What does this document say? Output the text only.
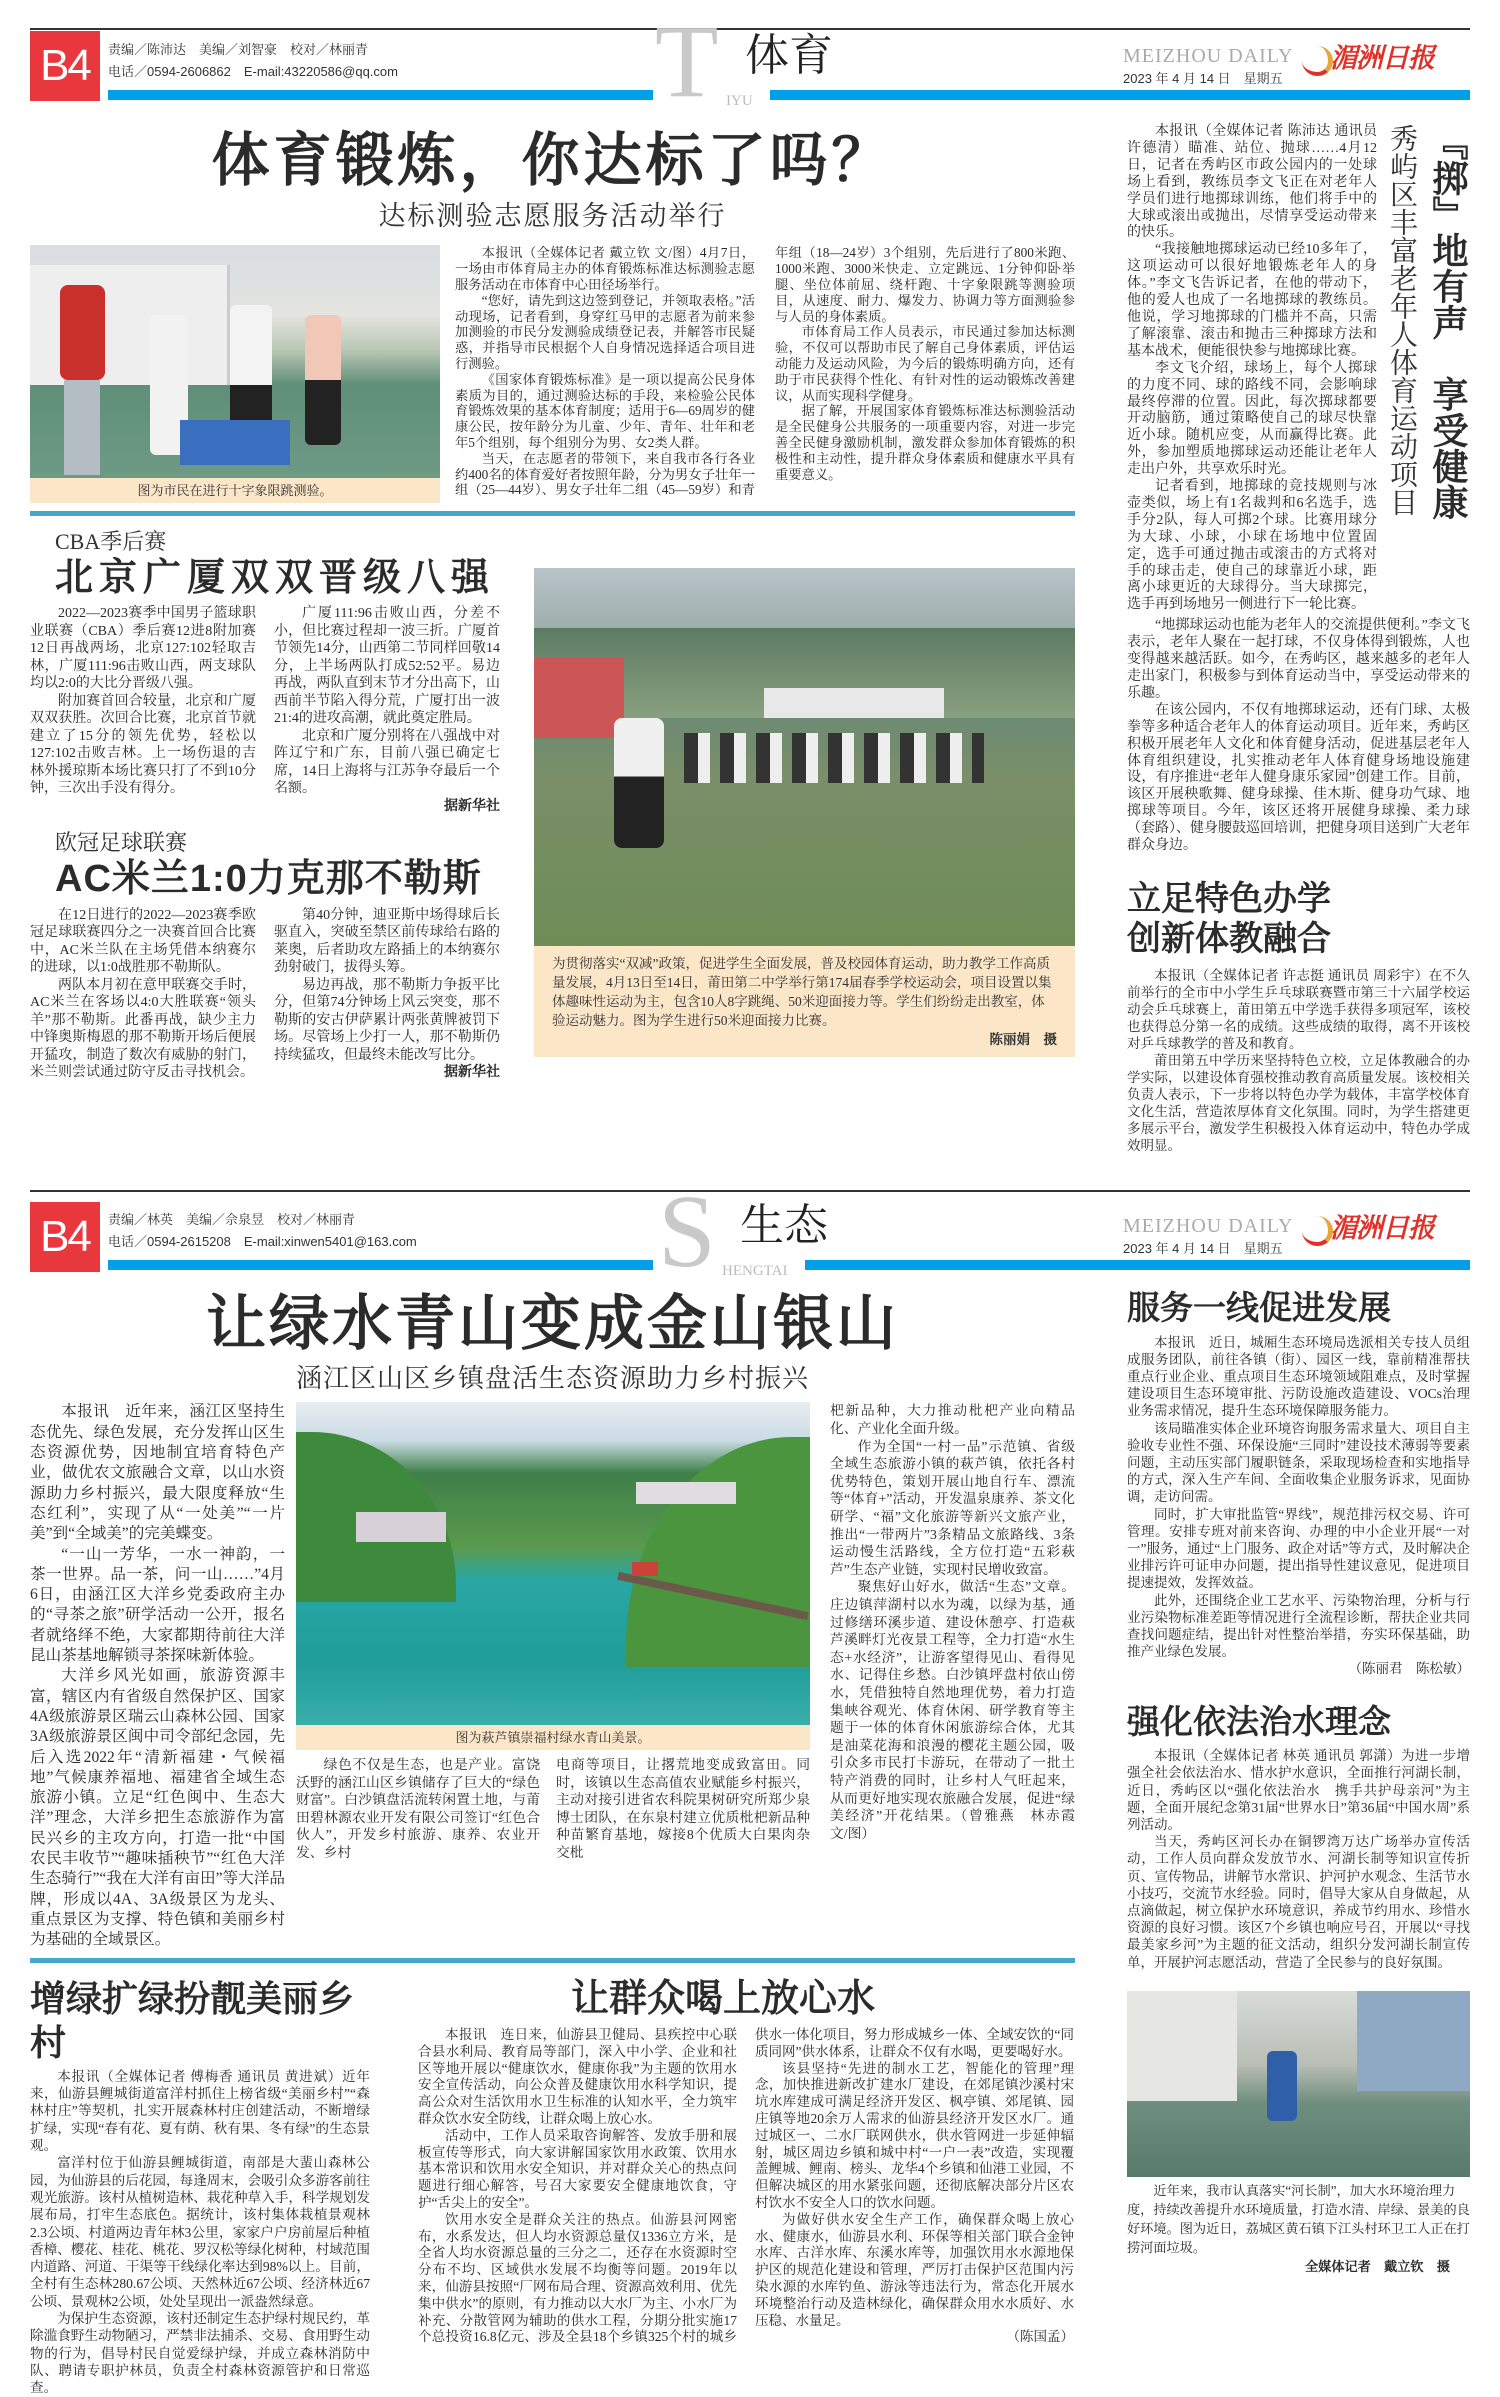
B4	责编／陈沛达　美编／刘智豪　校对／林丽青
电话／0594-2606862　E-mail:43220586@qq.com T IYU
体育	MEIZHOU DAILY
2023 年 4 月 14 日　星期五
湄洲日报
体育锻炼，你达标了吗？
达标测验志愿服务活动举行
图为市民在进行十字象限跳测验。

本报讯（全媒体记者 戴立钦 文/图）4月7日，一场由市体育局主办的体育锻炼标准达标测验志愿服务活动在市体育中心田径场举行。

“您好，请先到这边签到登记，并领取表格。”活动现场，记者看到，身穿红马甲的志愿者为前来参加测验的市民分发测验成绩登记表，并解答市民疑惑，并指导市民根据个人自身情况选择适合项目进行测验。

《国家体育锻炼标准》是一项以提高公民身体素质为目的，通过测验达标的手段，来检验公民体育锻炼效果的基本体育制度；适用于6—69周岁的健康公民，按年龄分为儿童、少年、青年、壮年和老年5个组别，每个组别分为男、女2类人群。

当天，在志愿者的带领下，来自我市各行各业约400名的体育爱好者按照年龄，分为男女子壮年一组（25—44岁）、男女子壮年二组（45—59岁）和青年组（18—24岁）3个组别，先后进行了800米跑、1000米跑、3000米快走、立定跳远、1分钟仰卧举腿、坐位体前屈、绕杆跑、十字象限跳等测验项目，从速度、耐力、爆发力、协调力等方面测验参与人员的身体素质。

市体育局工作人员表示，市民通过参加达标测验，不仅可以帮助市民了解自己身体素质，评估运动能力及运动风险，为今后的锻炼明确方向，还有助于市民获得个性化、有针对性的运动锻炼改善建议，从而实现科学健身。

据了解，开展国家体育锻炼标准达标测验活动是全民健身公共服务的一项重要内容，对进一步完善全民健身激励机制，激发群众参加体育锻炼的积极性和主动性，提升群众身体素质和健康水平具有重要意义。

CBA季后赛
北京广厦双双晋级八强

2022—2023赛季中国男子篮球职业联赛（CBA）季后赛12进8附加赛12日再战两场，北京127:102轻取吉林，广厦111:96击败山西，两支球队均以2:0的大比分晋级八强。

附加赛首回合较量，北京和广厦双双获胜。次回合比赛，北京首节就建立了15分的领先优势，轻松以127:102击败吉林。上一场伤退的吉林外援琼斯本场比赛只打了不到10分钟，三次出手没有得分。

广厦111:96击败山西，分差不小，但比赛过程却一波三折。广厦首节领先14分，山西第二节同样回敬14分，上半场两队打成52:52平。易边再战，两队直到末节才分出高下，山西前半节陷入得分荒，广厦打出一波21:4的进攻高潮，就此奠定胜局。

北京和广厦分别将在八强战中对阵辽宁和广东，目前八强已确定七席，14日上海将与江苏争夺最后一个名额。

据新华社

欧冠足球联赛
AC米兰1:0力克那不勒斯

在12日进行的2022—2023赛季欧冠足球联赛四分之一决赛首回合比赛中，AC米兰队在主场凭借本纳赛尔的进球，以1:0战胜那不勒斯队。

两队本月初在意甲联赛交手时，AC米兰在客场以4:0大胜联赛“领头羊”那不勒斯。此番再战，缺少主力中锋奥斯梅恩的那不勒斯开场后便展开猛攻，制造了数次有威胁的射门，米兰则尝试通过防守反击寻找机会。

第40分钟，迪亚斯中场得球后长驱直入，突破至禁区前传球给右路的莱奥，后者助攻左路插上的本纳赛尔劲射破门，拔得头筹。

易边再战，那不勒斯力争扳平比分，但第74分钟场上风云突变，那不勒斯的安古伊萨累计两张黄牌被罚下场。尽管场上少打一人，那不勒斯仍持续猛攻，但最终未能改写比分。

据新华社

为贯彻落实“双减”政策，促进学生全面发展，普及校园体育运动，助力教学工作高质量发展，4月13日至14日，莆田第二中学举行第174届春季学校运动会，项目设置以集体趣味性运动为主，包含10人8字跳绳、50米迎面接力等。学生们纷纷走出教室，体验运动魅力。图为学生进行50米迎面接力比赛。
陈丽娟　摄

本报讯（全媒体记者 陈沛达 通讯员 许德清）瞄准、站位、抛球……4月12日，记者在秀屿区市政公园内的一处球场上看到，教练员李文飞正在对老年人学员们进行地掷球训练，他们将手中的大球或滚出或抛出，尽情享受运动带来的快乐。

“我接触地掷球运动已经10多年了，这项运动可以很好地锻炼老年人的身体。”李文飞告诉记者，在他的带动下，他的爱人也成了一名地掷球的教练员。他说，学习地掷球的门槛并不高，只需了解滚靠、滚击和抛击三种掷球方法和基本战术，便能很快参与地掷球比赛。

李文飞介绍，球场上，每个人掷球的力度不同、球的路线不同，会影响球最终停滞的位置。因此，每次掷球都要开动脑筋，通过策略使自己的球尽快靠近小球。随机应变，从而赢得比赛。此外，参加塑质地掷球运动还能让老年人走出户外，共享欢乐时光。

记者看到，地掷球的竞技规则与冰壶类似，场上有1名裁判和6名选手，选手分2队，每人可掷2个球。比赛用球分为大球、小球，小球在场地中位置固定，选手可通过抛击或滚击的方式将对手的球击走，使自己的球靠近小球，距离小球更近的大球得分。当大球掷完，选手再到场地另一侧进行下一轮比赛。

秀屿区丰富老年人体育运动项目 『掷』地有声　享受健康

“地掷球运动也能为老年人的交流提供便利。”李文飞表示，老年人聚在一起打球，不仅身体得到锻炼，人也变得越来越活跃。如今，在秀屿区，越来越多的老年人走出家门，积极参与到体育运动当中，享受运动带来的乐趣。

在该公园内，不仅有地掷球运动，还有门球、太极拳等多种适合老年人的体育运动项目。近年来，秀屿区积极开展老年人文化和体育健身活动，促进基层老年人体育组织建设，扎实推动老年人体育健身场地设施建设，有序推进“老年人健身康乐家园”创建工作。目前，该区开展秧歌舞、健身球操、佳木斯、健身功气球、地掷球等项目。今年，该区还将开展健身球操、柔力球（套路）、健身腰鼓巡回培训，把健身项目送到广大老年群众身边。

立足特色办学
创新体教融合

本报讯（全媒体记者 许志挺 通讯员 周彩宇）在不久前举行的全市中小学生乒乓球联赛暨市第三十六届学校运动会乒乓球赛上，莆田第五中学选手获得多项冠军，该校也获得总分第一名的成绩。这些成绩的取得，离不开该校对乒乓球教学的普及和教育。

莆田第五中学历来坚持特色立校，立足体教融合的办学实际，以建设体育强校推动教育高质量发展。该校相关负责人表示，下一步将以特色办学为载体，丰富学校体育文化生活，营造浓厚体育文化氛围。同时，为学生搭建更多展示平台，激发学生积极投入体育运动中，特色办学成效明显。

B4	责编／林英　美编／佘泉昱　校对／林丽青
电话／0594-2615208　E-mail:xinwen5401@163.com S HENGTAI
生态	MEIZHOU DAILY
2023 年 4 月 14 日　星期五
湄洲日报
让绿水青山变成金山银山
涵江区山区乡镇盘活生态资源助力乡村振兴

本报讯　近年来，涵江区坚持生态优先、绿色发展，充分发挥山区生态资源优势，因地制宜培育特色产业，做优农文旅融合文章，以山水资源助力乡村振兴，最大限度释放“生态红利”，实现了从“一处美”“一片美”到“全域美”的完美蝶变。

“一山一芳华，一水一神韵，一茶一世界。品一茶，问一山……”4月6日，由涵江区大洋乡党委政府主办的“寻茶之旅”研学活动一公开，报名者就络绎不绝，大家都期待前往大洋昆山茶基地解锁寻茶探味新体验。

大洋乡风光如画，旅游资源丰富，辖区内有省级自然保护区、国家4A级旅游景区瑞云山森林公园、国家3A级旅游景区闽中司令部纪念园，先后入选2022年“清新福建・气候福地”气候康养福地、福建省全域生态旅游小镇。立足“红色闽中、生态大洋”理念，大洋乡把生态旅游作为富民兴乡的主攻方向，打造一批“中国农民丰收节”“趣味插秧节”“红色大洋　生态骑行”“我在大洋有亩田”等大洋品牌，形成以4A、3A级景区为龙头、重点景区为支撑、特色镇和美丽乡村为基础的全域景区。

图为萩芦镇崇福村绿水青山美景。

绿色不仅是生态，也是产业。富饶沃野的涵江山区乡镇储存了巨大的“绿色财富”。白沙镇盘活流转闲置土地，与莆田碧林源农业开发有限公司签订“红色合伙人”，开发乡村旅游、康养、农业开发、乡村

电商等项目，让撂荒地变成致富田。同时，该镇以生态高值农业赋能乡村振兴，主动对接引进省农科院果树研究所郑少泉博士团队，在东泉村建立优质枇杷新品种种苗繁育基地，嫁接8个优质大白果肉杂交枇

杷新品种，大力推动枇杷产业向精品化、产业化全面升级。

作为全国“一村一品”示范镇、省级全域生态旅游小镇的萩芦镇，依托各村优势特色，策划开展山地自行车、漂流等“体育+”活动，开发温泉康养、茶文化研学、“福”文化旅游等新兴文旅产业，推出“一带两片”3条精品文旅路线、3条运动慢生活路线，全方位打造“五彩萩芦”生态产业链，实现村民增收致富。

聚焦好山好水，做活“生态”文章。庄边镇萍湖村以水为魂，以绿为基，通过修缮环溪步道、建设休憩亭、打造萩芦溪畔灯光夜景工程等，全力打造“水生态+水经济”，让游客望得见山、看得见水、记得住乡愁。白沙镇坪盘村依山傍水，凭借独特自然地理优势，着力打造集峡谷观光、体育休闲、研学教育等主题于一体的体育休闲旅游综合体，尤其是油菜花海和浪漫的樱花主题公园，吸引众多市民打卡游玩，在带动了一批土特产消费的同时，让乡村人气旺起来，从而更好地实现农旅融合发展，促进“绿美经济”开花结果。（曾雅燕　林赤霞　文/图）

增绿扩绿扮靓美丽乡村

本报讯（全媒体记者 傅梅香 通讯员 黄进斌）近年来，仙游县鲤城街道富洋村抓住上榜省级“美丽乡村”“森林村庄”等契机，扎实开展森林村庄创建活动，不断增绿扩绿，实现“春有花、夏有荫、秋有果、冬有绿”的生态景观。

富洋村位于仙游县鲤城街道，南部是大蜚山森林公园，为仙游县的后花园，每逢周末，会吸引众多游客前往观光旅游。该村从植树造林、栽花种草入手，科学规划发展布局，打牢生态底色。据统计，该村集体栽植景观林2.3公顷、村道两边青年林3公里，家家户户房前屋后种植香樟、樱花、桂花、桃花、罗汉松等绿化树种，村域范围内道路、河道、干渠等干线绿化率达到98%以上。目前，全村有生态林280.67公顷、天然林近67公顷、经济林近67公顷、景观林2公顷，处处呈现出一派盎然绿意。

为保护生态资源，该村还制定生态护绿村规民约，革除滥食野生动物陋习，严禁非法捕杀、交易、食用野生动物的行为，倡导村民自觉爱绿护绿，并成立森林消防中队、聘请专职护林员，负责全村森林资源管护和日常巡查。

让群众喝上放心水

本报讯　连日来，仙游县卫健局、县疾控中心联合县水利局、教育局等部门，深入中小学、企业和社区等地开展以“健康饮水，健康你我”为主题的饮用水安全宣传活动，向公众普及健康饮用水科学知识，提高公众对生活饮用水卫生标准的认知水平，全力筑牢群众饮水安全防线，让群众喝上放心水。

活动中，工作人员采取咨询解答、发放手册和展板宣传等形式，向大家讲解国家饮用水政策、饮用水基本常识和饮用水安全知识，并对群众关心的热点问题进行细心解答，号召大家要安全健康地饮食，守护“舌尖上的安全”。

饮用水安全是群众关注的热点。仙游县河网密布，水系发达，但人均水资源总量仅1336立方米，是全省人均水资源总量的三分之二，还存在水资源时空分布不均、区域供水发展不均衡等问题。2019年以来，仙游县按照“厂网布局合理、资源高效利用、优先集中供水”的原则，有力推动以大水厂为主、小水厂为补充、分散管网为辅助的供水工程，分期分批实施17个总投资16.8亿元、涉及全县18个乡镇325个村的城乡供水一体化项目，努力形成城乡一体、全域安饮的“同质同网”供水体系，让群众不仅有水喝，更要喝好水。

该县坚持“先进的制水工艺，智能化的管理”理念，加快推进新改扩建水厂建设，在郊尾镇沙溪村宋坑水库建成可满足经济开发区、枫亭镇、郊尾镇、园庄镇等地20余万人需求的仙游县经济开发区水厂。通过城区一、二水厂联网供水，供水管网进一步延伸辐射，城区周边乡镇和城中村“一户一表”改造，实现覆盖鲤城、鲤南、榜头、龙华4个乡镇和仙港工业园，不但解决城区的用水紧张问题，还彻底解决部分片区农村饮水不安全人口的饮水问题。

为做好供水安全生产工作，确保群众喝上放心水、健康水，仙游县水利、环保等相关部门联合金钟水库、古洋水库、东溪水库等，加强饮用水水源地保护区的规范化建设和管理，严厉打击保护区范围内污染水源的水库钓鱼、游泳等违法行为，常态化开展水环境整治行动及造林绿化，确保群众用水水质好、水压稳、水量足。

（陈国孟）

服务一线促进发展

本报讯　近日，城厢生态环境局选派相关专技人员组成服务团队，前往各镇（街）、园区一线，靠前精准帮扶重点行业企业、重点项目生态环境领域阻难点，及时掌握建设项目生态环境审批、污防设施改造建设、VOCs治理业务需求情况，提升生态环境保障服务能力。

该局瞄准实体企业环境咨询服务需求量大、项目自主验收专业性不强、环保设施“三同时”建设技术薄弱等要素问题，主动压实部门履职链条，采取现场检查和实地指导的方式，深入生产车间、全面收集企业服务诉求，见面协调，走访问需。

同时，扩大审批监管“界线”，规范排污权交易、许可管理。安排专班对前来咨询、办理的中小企业开展“一对一”服务，通过“上门服务、政企对话”等方式，及时解决企业排污许可证申办问题，提出指导性建议意见，促进项目提速提效，发挥效益。

此外，还围绕企业工艺水平、污染物治理，分析与行业污染物标准差距等情况进行全流程诊断，帮扶企业共同查找问题症结，提出针对性整治举措，夯实环保基础，助推产业绿色发展。

（陈丽君　陈松敏）

强化依法治水理念

本报讯（全媒体记者 林英 通讯员 郭潇）为进一步增强全社会依法治水、惜水护水意识，全面推行河湖长制，近日，秀屿区以“强化依法治水　携手共护母亲河”为主题，全面开展纪念第31届“世界水日”第36届“中国水周”系列活动。

当天，秀屿区河长办在铜锣湾万达广场举办宣传活动，工作人员向群众发放节水、河湖长制等知识宣传折页、宣传物品，讲解节水常识、护河护水观念、生活节水小技巧，交流节水经验。同时，倡导大家从自身做起，从点滴做起，树立保护水环境意识，养成节约用水、珍惜水资源的良好习惯。该区7个乡镇也响应号召，开展以“寻找最美家乡河”为主题的征文活动，组织分发河湖长制宣传单，开展护河志愿活动，营造了全民参与的良好氛围。

近年来，我市认真落实“河长制”，加大水环境治理力度，持续改善提升水环境质量，打造水清、岸绿、景美的良好环境。图为近日，荔城区黄石镇下江头村环卫工人正在打捞河面垃圾。
全媒体记者　戴立钦　摄
